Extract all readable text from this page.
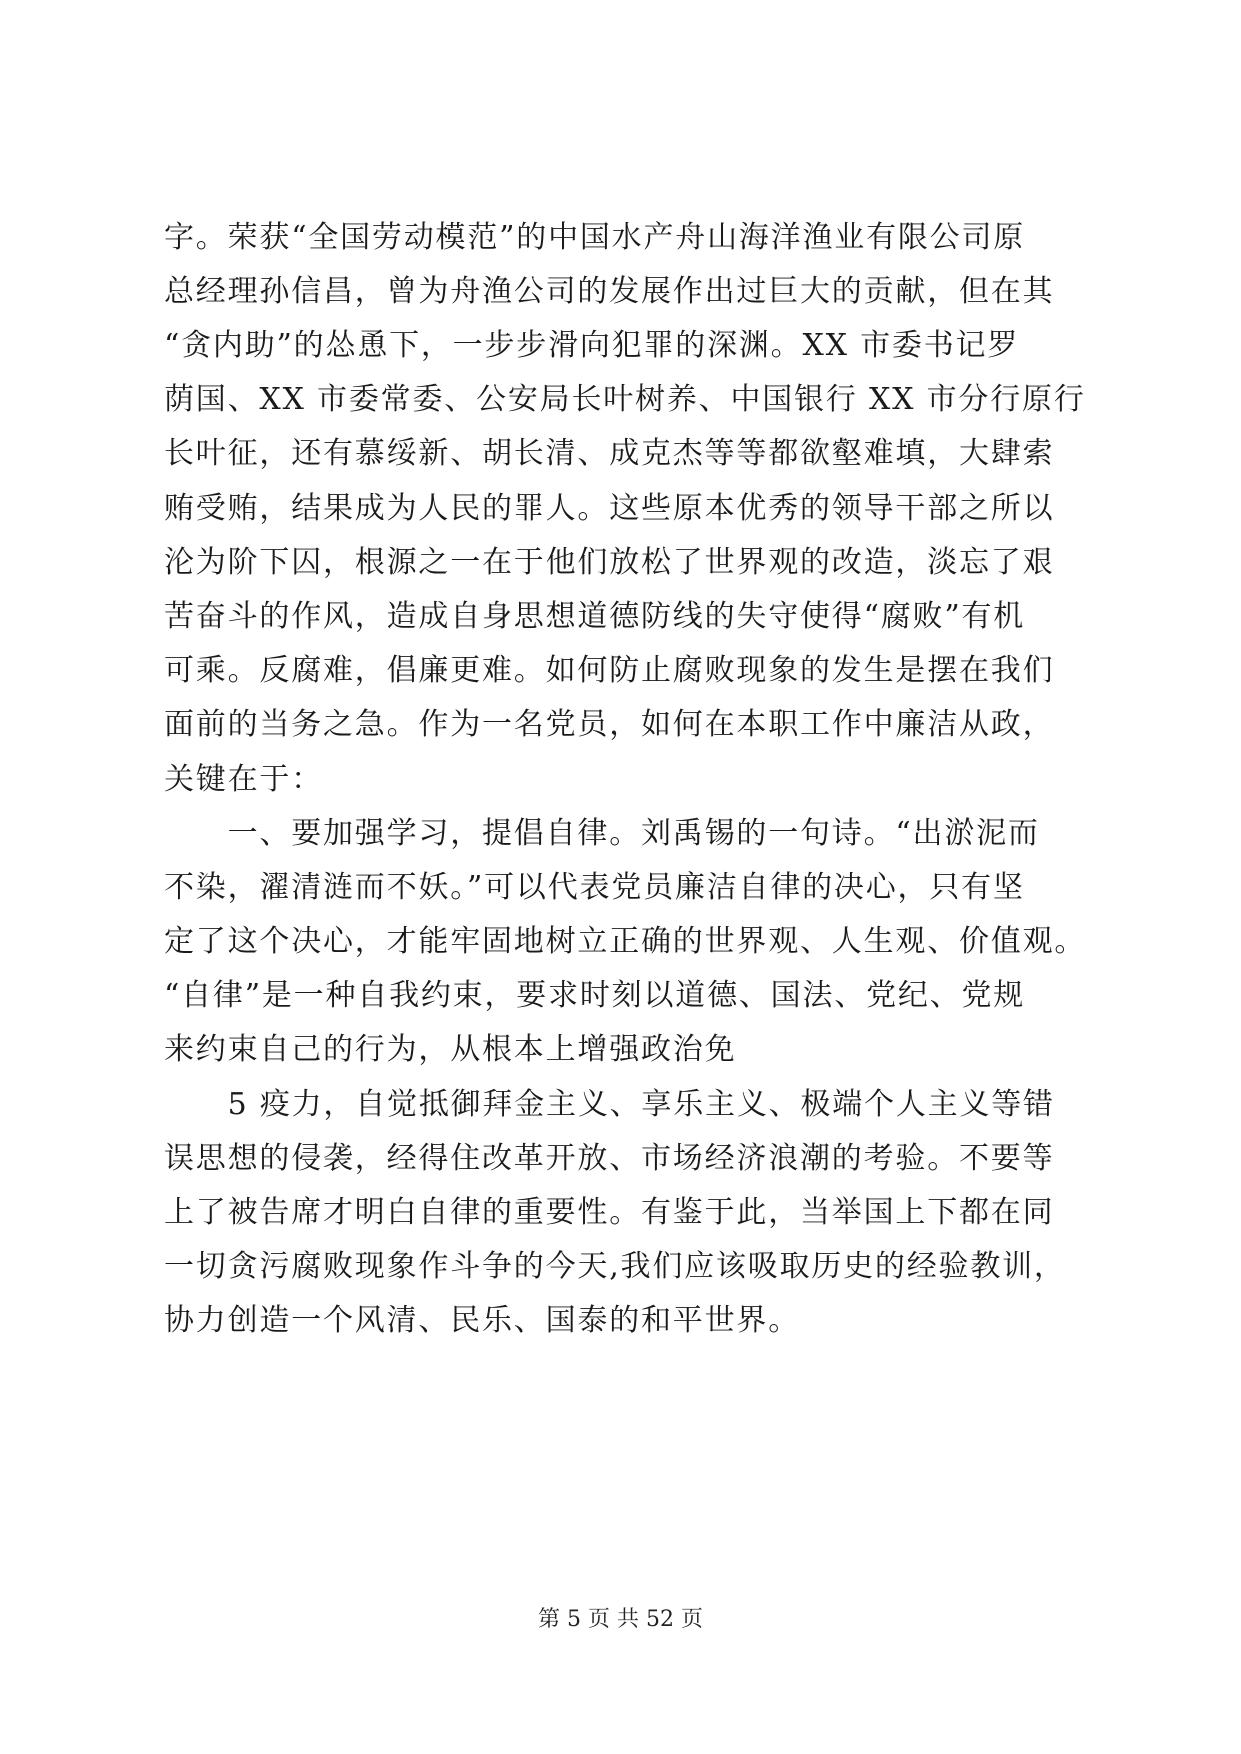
字。荣获“全国劳动模范”的中国水产舟山海洋渔业有限公司原
总经理孙信昌，曾为舟渔公司的发展作出过巨大的贡献，但在其
“贪内助”的怂恿下，一步步滑向犯罪的深渊。XX 市委书记罗
荫国、XX 市委常委、公安局长叶树养、中国银行 XX 市分行原行
长叶征，还有慕绥新、胡长清、成克杰等等都欲壑难填，大肆索
贿受贿，结果成为人民的罪人。这些原本优秀的领导干部之所以
沦为阶下囚，根源之一在于他们放松了世界观的改造，淡忘了艰
苦奋斗的作风，造成自身思想道德防线的失守使得“腐败”有机
可乘。反腐难，倡廉更难。如何防止腐败现象的发生是摆在我们
面前的当务之急。作为一名党员，如何在本职工作中廉洁从政，
关键在于：
　　一、要加强学习，提倡自律。刘禹锡的一句诗。“出淤泥而
不染，濯清涟而不妖。”可以代表党员廉洁自律的决心，只有坚
定了这个决心，才能牢固地树立正确的世界观、人生观、价值观。
“自律”是一种自我约束，要求时刻以道德、国法、党纪、党规
来约束自己的行为，从根本上增强政治免
　　5 疫力，自觉抵御拜金主义、享乐主义、极端个人主义等错
误思想的侵袭，经得住改革开放、市场经济浪潮的考验。不要等
上了被告席才明白自律的重要性。有鉴于此，当举国上下都在同
一切贪污腐败现象作斗争的今天,我们应该吸取历史的经验教训，
协力创造一个风清、民乐、国泰的和平世界。
第 5 页 共 52 页
